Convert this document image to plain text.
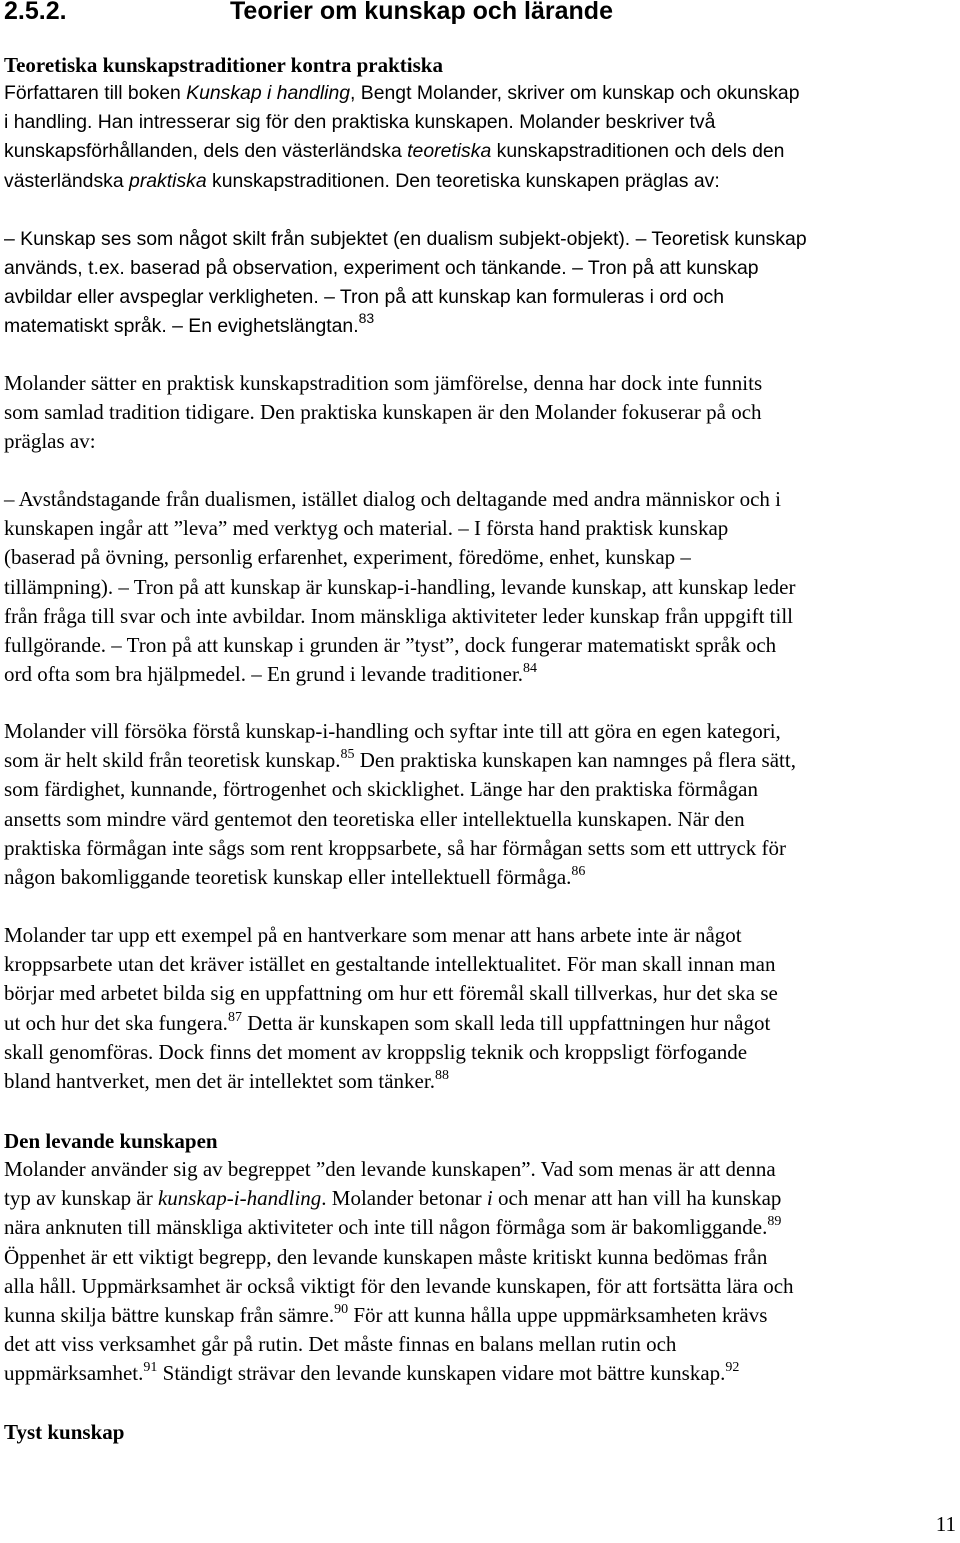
2.5.2.	Teorier om kunskap och lärande
Teoretiska kunskapstraditioner kontra praktiska

Författaren till boken Kunskap i handling, Bengt Molander, skriver om kunskap och okunskap
i handling. Han intresserar sig för den praktiska kunskapen. Molander beskriver två
kunskapsförhållanden, dels den västerländska teoretiska kunskapstraditionen och dels den
västerländska praktiska kunskapstraditionen. Den teoretiska kunskapen präglas av:

– Kunskap ses som något skilt från subjektet (en dualism subjekt-objekt). – Teoretisk kunskap
används, t.ex. baserad på observation, experiment och tänkande. – Tron på att kunskap
avbildar eller avspeglar verkligheten. – Tron på att kunskap kan formuleras i ord och
matematiskt språk. – En evighetslängtan.$^{83}$

Molander sätter en praktisk kunskapstradition som jämförelse, denna har dock inte funnits
som samlad tradition tidigare. Den praktiska kunskapen är den Molander fokuserar på och
präglas av:

– Avståndstagande från dualismen, istället dialog och deltagande med andra människor och i
kunskapen ingår att ”leva” med verktyg och material. – I första hand praktisk kunskap
(baserad på övning, personlig erfarenhet, experiment, föredöme, enhet, kunskap –
tillämpning). – Tron på att kunskap är kunskap-i-handling, levande kunskap, att kunskap leder
från fråga till svar och inte avbildar. Inom mänskliga aktiviteter leder kunskap från uppgift till
fullgörande. – Tron på att kunskap i grunden är ”tyst”, dock fungerar matematiskt språk och
ord ofta som bra hjälpmedel. – En grund i levande traditioner.$^{84}$

Molander vill försöka förstå kunskap-i-handling och syftar inte till att göra en egen kategori,
som är helt skild från teoretisk kunskap.$^{85}$ Den praktiska kunskapen kan namnges på flera sätt,
som färdighet, kunnande, förtrogenhet och skicklighet. Länge har den praktiska förmågan
ansetts som mindre värd gentemot den teoretiska eller intellektuella kunskapen. När den
praktiska förmågan inte sågs som rent kroppsarbete, så har förmågan setts som ett uttryck för
någon bakomliggande teoretisk kunskap eller intellektuell förmåga.$^{86}$

Molander tar upp ett exempel på en hantverkare som menar att hans arbete inte är något
kroppsarbete utan det kräver istället en gestaltande intellektualitet. För man skall innan man
börjar med arbetet bilda sig en uppfattning om hur ett föremål skall tillverkas, hur det ska se
ut och hur det ska fungera.$^{87}$ Detta är kunskapen som skall leda till uppfattningen hur något
skall genomföras. Dock finns det moment av kroppslig teknik och kroppsligt förfogande
bland hantverket, men det är intellektet som tänker.$^{88}$

Den levande kunskapen

Molander använder sig av begreppet ”den levande kunskapen”. Vad som menas är att denna
typ av kunskap är kunskap-i-handling. Molander betonar i och menar att han vill ha kunskap
nära anknuten till mänskliga aktiviteter och inte till någon förmåga som är bakomliggande.$^{89}$
Öppenhet är ett viktigt begrepp, den levande kunskapen måste kritiskt kunna bedömas från
alla håll. Uppmärksamhet är också viktigt för den levande kunskapen, för att fortsätta lära och
kunna skilja bättre kunskap från sämre.$^{90}$ För att kunna hålla uppe uppmärksamheten krävs
det att viss verksamhet går på rutin. Det måste finnas en balans mellan rutin och
uppmärksamhet.$^{91}$ Ständigt strävar den levande kunskapen vidare mot bättre kunskap.$^{92}$

Tyst kunskap

11
